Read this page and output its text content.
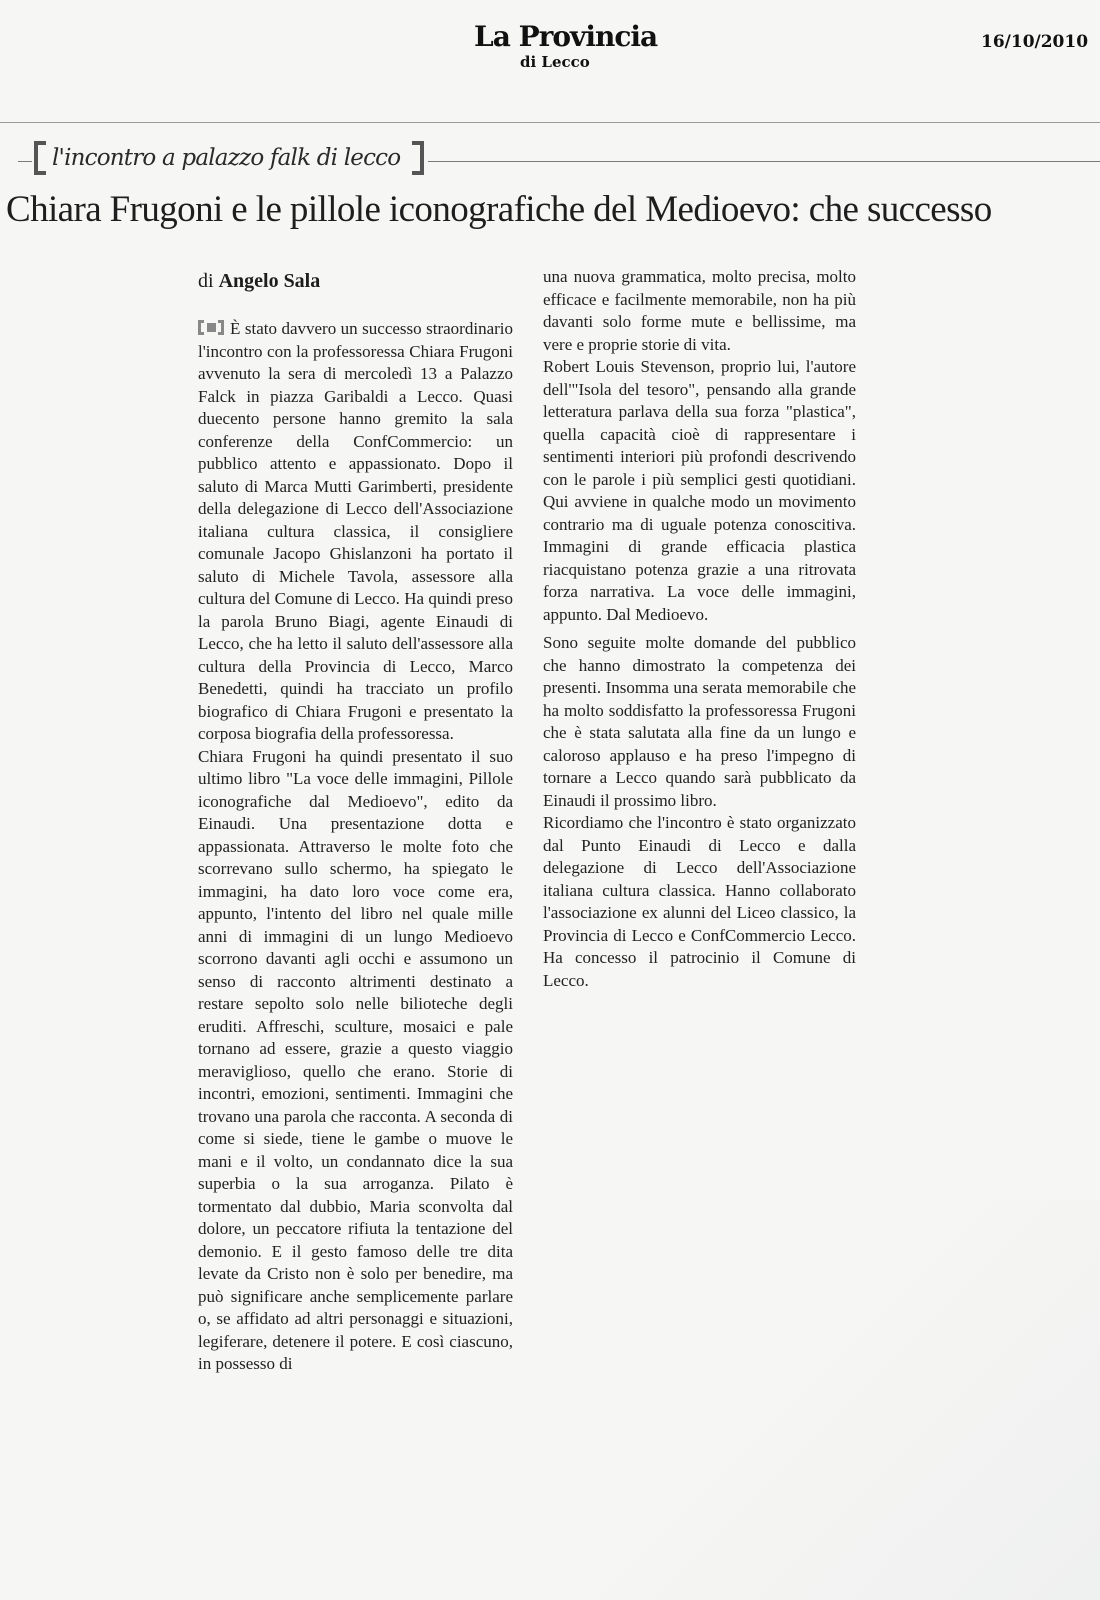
La Provincia
di Lecco
16/10/2010
l'incontro a palazzo falk di lecco
Chiara Frugoni e le pillole iconografiche del Medioevo: che successo
di Angelo Sala

È stato davvero un successo straordinario l'incontro con la professoressa Chiara Frugoni avvenuto la sera di mercoledì 13 a Palazzo Falck in piazza Garibaldi a Lecco. Quasi duecento persone hanno gremito la sala conferenze della ConfCommercio: un pubblico attento e appassionato. Dopo il saluto di Marca Mutti Garimberti, presidente della delegazione di Lecco dell'Associazione italiana cultura classica, il consigliere comunale Jacopo Ghislanzoni ha portato il saluto di Michele Tavola, assessore alla cultura del Comune di Lecco. Ha quindi preso la parola Bruno Biagi, agente Einaudi di Lecco, che ha letto il saluto dell'assessore alla cultura della Provincia di Lecco, Marco Benedetti, quindi ha tracciato un profilo biografico di Chiara Frugoni e presentato la corposa biografia della professoressa.

Chiara Frugoni ha quindi presentato il suo ultimo libro "La voce delle immagini, Pillole iconografiche dal Medioevo", edito da Einaudi. Una presentazione dotta e appassionata. Attraverso le molte foto che scorrevano sullo schermo, ha spiegato le immagini, ha dato loro voce come era, appunto, l'intento del libro nel quale mille anni di immagini di un lungo Medioevo scorrono davanti agli occhi e assumono un senso di racconto altrimenti destinato a restare sepolto solo nelle bilioteche degli eruditi. Affreschi, sculture, mosaici e pale tornano ad essere, grazie a questo viaggio meraviglioso, quello che erano. Storie di incontri, emozioni, sentimenti. Immagini che trovano una parola che racconta. A seconda di come si siede, tiene le gambe o muove le mani e il volto, un condannato dice la sua superbia o la sua arroganza. Pilato è tormentato dal dubbio, Maria sconvolta dal dolore, un peccatore rifiuta la tentazione del demonio. E il gesto famoso delle tre dita levate da Cristo non è solo per benedire, ma può significare anche semplicemente parlare o, se affidato ad altri personaggi e situazioni, legiferare, detenere il potere. E così ciascuno, in possesso di

una nuova grammatica, molto precisa, molto efficace e facilmente memorabile, non ha più davanti solo forme mute e bellissime, ma vere e proprie storie di vita.

Robert Louis Stevenson, proprio lui, l'autore dell'"Isola del tesoro", pensando alla grande letteratura parlava della sua forza "plastica", quella capacità cioè di rappresentare i sentimenti interiori più profondi descrivendo con le parole i più semplici gesti quotidiani. Qui avviene in qualche modo un movimento contrario ma di uguale potenza conoscitiva. Immagini di grande efficacia plastica riacquistano potenza grazie a una ritrovata forza narrativa. La voce delle immagini, appunto. Dal Medioevo.

Sono seguite molte domande del pubblico che hanno dimostrato la competenza dei presenti. Insomma una serata memorabile che ha molto soddisfatto la professoressa Frugoni che è stata salutata alla fine da un lungo e caloroso applauso e ha preso l'impegno di tornare a Lecco quando sarà pubblicato da Einaudi il prossimo libro.

Ricordiamo che l'incontro è stato organizzato dal Punto Einaudi di Lecco e dalla delegazione di Lecco dell'Associazione italiana cultura classica. Hanno collaborato l'associazione ex alunni del Liceo classico, la Provincia di Lecco e ConfCommercio Lecco. Ha concesso il patrocinio il Comune di Lecco.
